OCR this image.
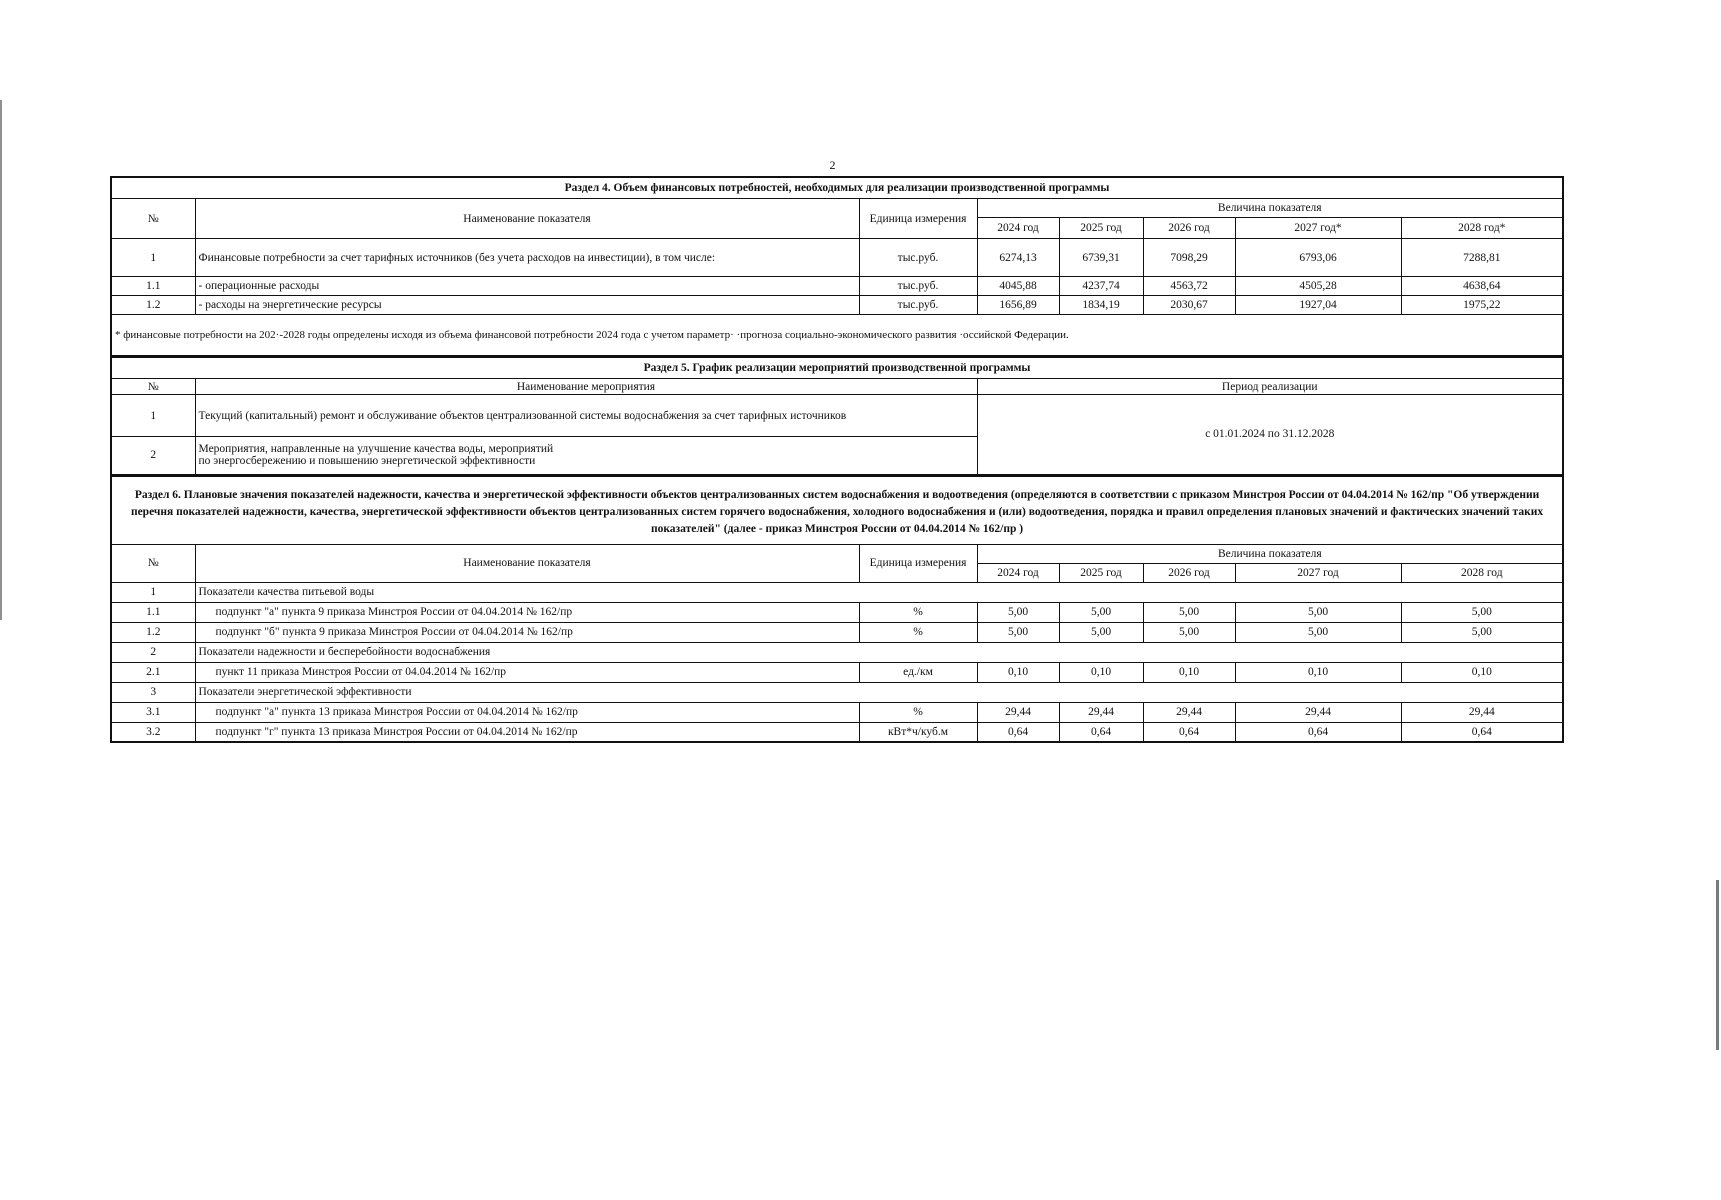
2
Раздел 4. Объем финансовых потребностей, необходимых для реализации производственной программы							
№	Наименование показателя	Единица измерения	Величина показателя				
			2024 год	2025 год	2026 год	2027 год*	2028 год*
1	Финансовые потребности за счет тарифных источников (без учета расходов на инвестиции), в том числе:	тыс.руб.	6274,13	6739,31	7098,29	6793,06	7288,81
1.1	- операционные расходы	тыс.руб.	4045,88	4237,74	4563,72	4505,28	4638,64
1.2	- расходы на энергетические ресурсы	тыс.руб.	1656,89	1834,19	2030,67	1927,04	1975,22
* финансовые потребности на 202·-2028 годы определены исходя из объема финансовой потребности 2024 года с учетом параметр· ·прогноза социально-экономического развития ·оссийской Федерации.							
Раздел 5. График реализации мероприятий производственной программы		
№	Наименование мероприятия	Период реализации
1	Текущий (капитальный) ремонт и обслуживание объектов централизованной системы водоснабжения за счет тарифных источников	с 01.01.2024 по 31.12.2028
2	Мероприятия, направленные на улучшение качества воды, мероприятий
по энергосбережению и повышению энергетической эффективности	
Раздел 6. Плановые значения показателей надежности, качества и энергетической эффективности объектов централизованных систем водоснабжения и водоотведения (определяются в соответствии с приказом Минстроя России от 04.04.2014 № 162/пр "Об утверждении перечня показателей надежности, качества, энергетической эффективности объектов централизованных систем горячего водоснабжения, холодного водоснабжения и (или) водоотведения, порядка и правил определения плановых значений и фактических значений таких показателей" (далее - приказ Минстроя России от 04.04.2014 № 162/пр )							
№	Наименование показателя	Единица измерения	Величина показателя				
			2024 год	2025 год	2026 год	2027 год	2028 год
1	Показатели качества питьевой воды						
1.1	подпункт "а" пункта 9 приказа Минстроя России от 04.04.2014 № 162/пр	%	5,00	5,00	5,00	5,00	5,00
1.2	подпункт "б" пункта 9 приказа Минстроя России от 04.04.2014 № 162/пр	%	5,00	5,00	5,00	5,00	5,00
2	Показатели надежности и бесперебойности водоснабжения						
2.1	пункт 11 приказа Минстроя России от 04.04.2014 № 162/пр	ед./км	0,10	0,10	0,10	0,10	0,10
3	Показатели энергетической эффективности						
3.1	подпункт "а" пункта 13 приказа Минстроя России от 04.04.2014 № 162/пр	%	29,44	29,44	29,44	29,44	29,44
3.2	подпункт "г" пункта 13 приказа Минстроя России от 04.04.2014 № 162/пр	кВт*ч/куб.м	0,64	0,64	0,64	0,64	0,64
